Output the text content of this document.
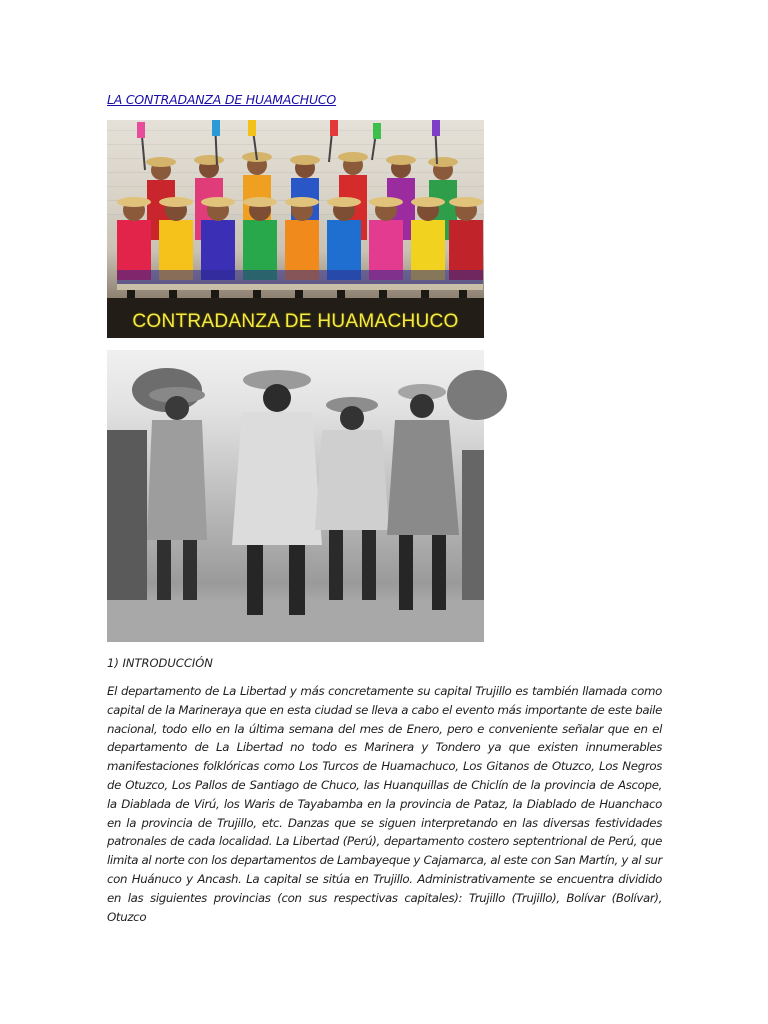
LA CONTRADANZA DE HUAMACHUCO
CONTRADANZA DE HUAMACHUCO
1) INTRODUCCIÓN

El departamento de La Libertad y más concretamente su capital Trujillo es también llamada como capital de la Marineraya que en esta ciudad se lleva a cabo el evento más importante de este baile nacional, todo ello en la última semana del mes de Enero, pero e conveniente señalar que en el departamento de La Libertad no todo es Marinera y Tondero ya que existen innumerables manifestaciones folklóricas como Los Turcos de Huamachuco, Los Gitanos de Otuzco, Los Negros de Otuzco, Los Pallos de Santiago de Chuco, las Huanquillas de Chiclín de la provincia de Ascope, la Diablada de Virú, los Waris de Tayabamba en la provincia de Pataz, la Diablado de Huanchaco en la provincia de Trujillo, etc. Danzas que se siguen interpretando en las diversas festividades patronales de cada localidad. La Libertad (Perú), departamento costero septentrional de Perú, que limita al norte con los departamentos de Lambayeque y Cajamarca, al este con San Martín, y al sur con Huánuco y Ancash. La capital se sitúa en Trujillo. Administrativamente se encuentra dividido en las siguientes provincias (con sus respectivas capitales): Trujillo (Trujillo), Bolívar (Bolívar), Otuzco
